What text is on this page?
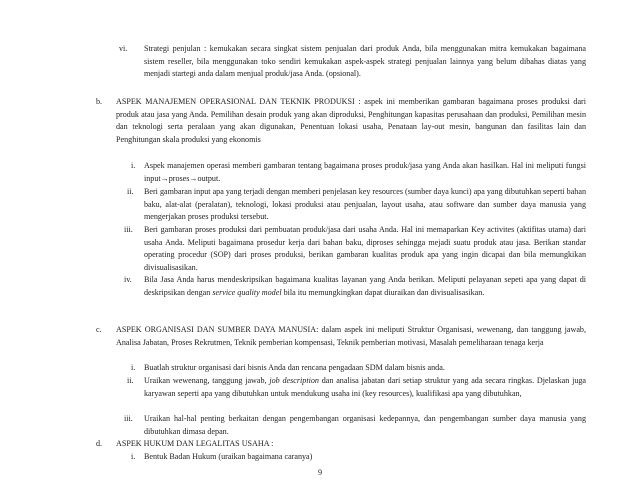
vi.	Strategi penjulan : kemukakan secara singkat sistem penjualan dari produk Anda, bila menggunakan mitra kemukakan bagaimana sistem reseller, bila menggunakan toko sendiri kemukakan aspek-aspek strategi penjualan lainnya yang belum dibahas diatas yang menjadi startegi anda dalam menjual produk/jasa Anda. (opsional).
b.	ASPEK MANAJEMEN OPERASIONAL DAN TEKNIK PRODUKSI : aspek ini memberikan gambaran bagaimana proses produksi dari produk atau jasa yang Anda. Pemilihan desain produk yang akan diproduksi, Penghitungan kapasitas perusahaan dan produksi, Pemilihan mesin dan teknologi serta peralaan yang akan digunakan, Penentuan lokasi usaha, Penataan lay-out mesin, bangunan dan fasilitas lain dan Penghitungan skala produksi yang ekonomis
i.	Aspek manajemen operasi memberi gambaran tentang bagaimana proses produk/jasa yang Anda akan hasilkan. Hal ini meliputi fungsi input→proses→output.
ii.	Beri gambaran input apa yang terjadi dengan memberi penjelasan key resources (sumber daya kunci) apa yang dibutuhkan seperti bahan baku, alat-alat (peralatan), teknologi, lokasi produksi atau penjualan, layout usaha, atau software dan sumber daya manusia yang mengerjakan proses produksi tersebut.
iii.	Beri gambaran proses produksi dari pembuatan produk/jasa dari usaha Anda. Hal ini memaparkan Key activites (aktifitas utama) dari usaha Anda. Meliputi bagaimana prosedur kerja dari bahan baku, diproses sehingga mejadi suatu produk atau jasa. Berikan standar operating procedur (SOP) dari proses produksi, berikan gambaran kualitas produk apa yang ingin dicapai dan bila memungkikan divisualisasikan.
iv.	Bila Jasa Anda harus mendeskripsikan bagaimana kualitas layanan yang Anda berikan. Meliputi pelayanan sepeti apa yang dapat di deskripsikan dengan service quality model bila itu memungkingkan dapat diuraikan dan divisualisasikan.
c.	ASPEK ORGANISASI DAN SUMBER DAYA MANUSIA: dalam aspek ini meliputi Struktur Organisasi, wewenang, dan tanggung jawab, Analisa Jabatan, Proses Rekrutmen, Teknik pemberian kompensasi, Teknik pemberian motivasi, Masalah pemeliharaan tenaga kerja
i.	Buatlah struktur organisasi dari bisnis Anda dan rencana pengadaan SDM dalam bisnis anda.
ii.	Uraikan wewenang, tanggung jawab, job description dan analisa jabatan dari setiap struktur yang ada secara ringkas. Djelaskan juga karyawan seperti apa yang dibutuhkan untuk mendukung usaha ini (key resources), kualifikasi apa yang dibutuhkan,
iii.	Uraikan hal-hal penting berkaitan dengan pengembangan organisasi kedepannya, dan pengembangan sumber daya manusia yang dibutuhkan dimasa depan.
d.	ASPEK HUKUM DAN LEGALITAS USAHA :
i.	Bentuk Badan Hukum (uraikan bagaimana caranya)
9
